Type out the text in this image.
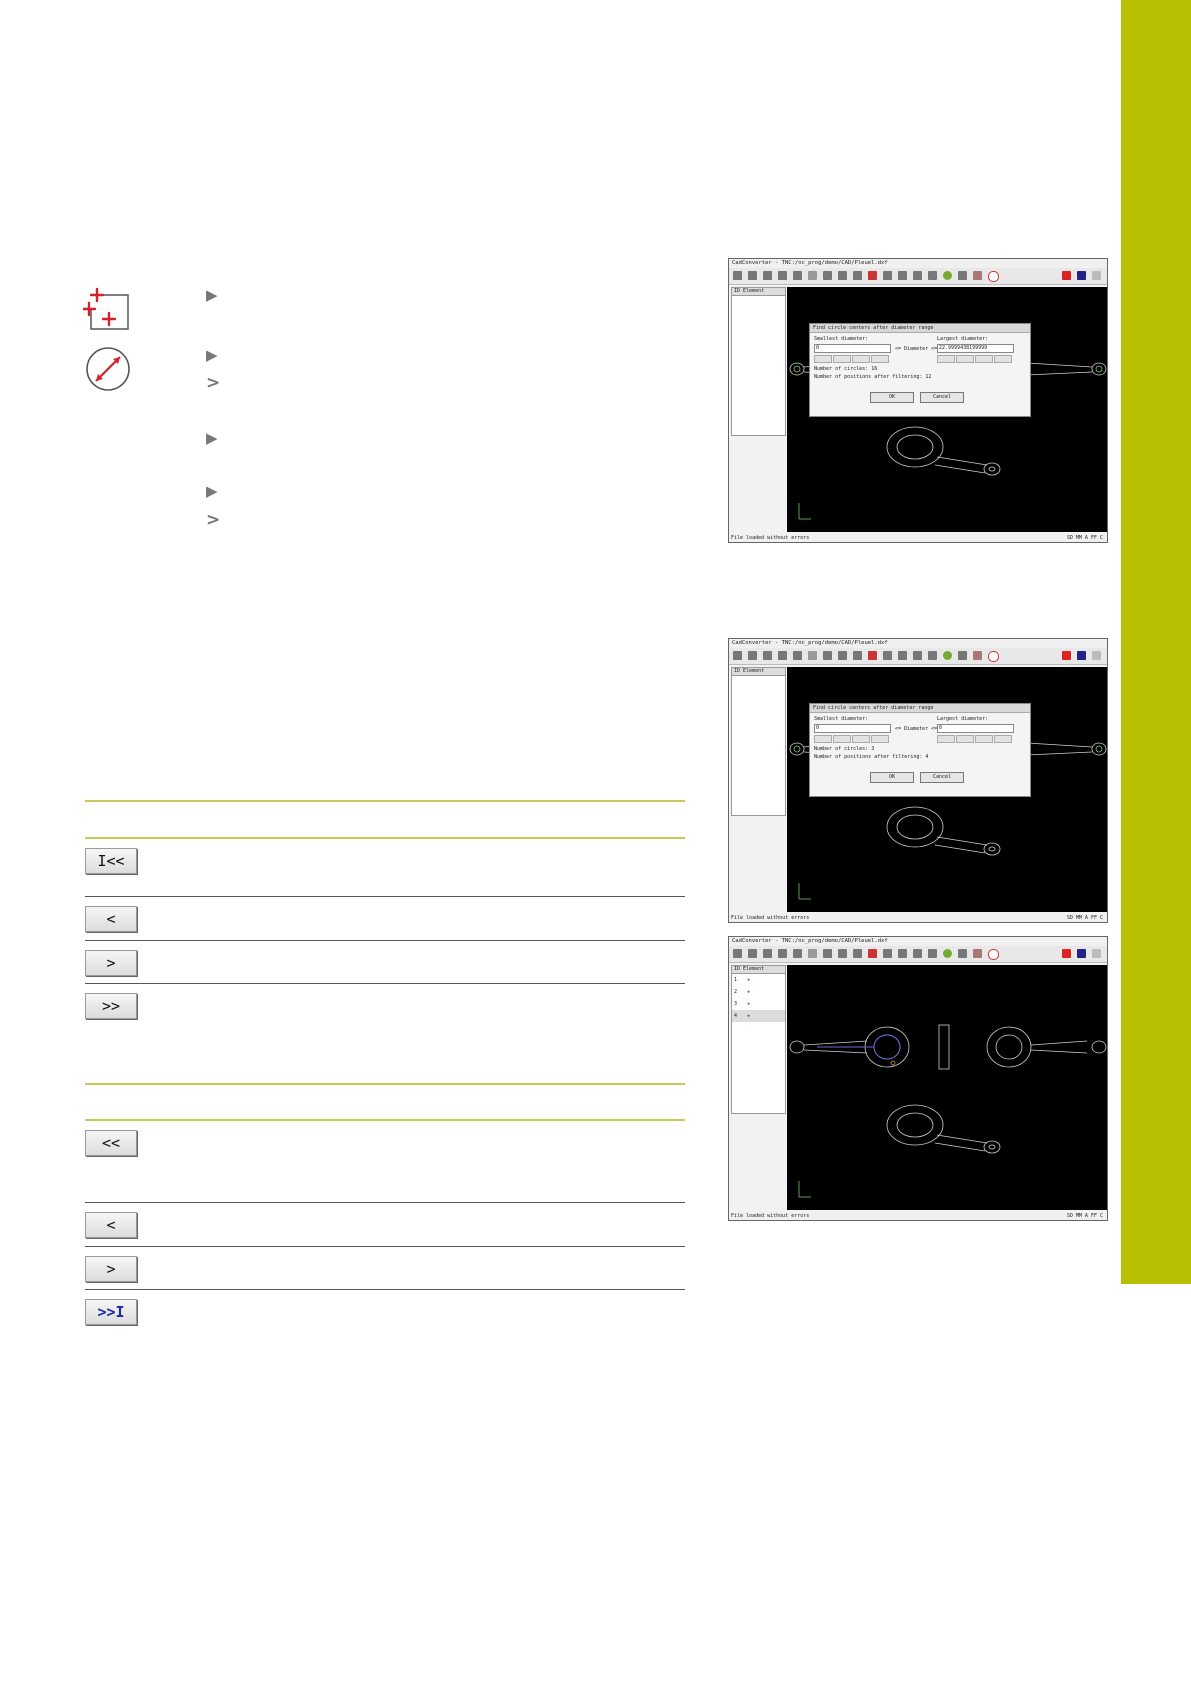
▶
▶
>
▶
▶
>
I<<
<
>
>>
<<
<
>
>>I
CadConverter - TNC:/nc_prog/demo/CAD/Pleuel.dxf
ID Element
Find circle centers after diameter range
Smallest diameter:	Largest diameter:
0	<= Diameter <= 22.9999438199999
Number of circles: 16
Number of positions after filtering: 12
OK	Cancel
File loaded without errors	SD MM A FF C
CadConverter - TNC:/nc_prog/demo/CAD/Pleuel.dxf
ID Element
Find circle centers after diameter range
Smallest diameter:	Largest diameter:
0	<= Diameter <= 0
Number of circles: 3
Number of positions after filtering: 4
OK	Cancel
File loaded without errors	SD MM A FF C
CadConverter - TNC:/nc_prog/demo/CAD/Pleuel.dxf
ID Element
1 ✚
2 ✚
3 ✚
4 ✚
File loaded without errors	SD MM A FF C
